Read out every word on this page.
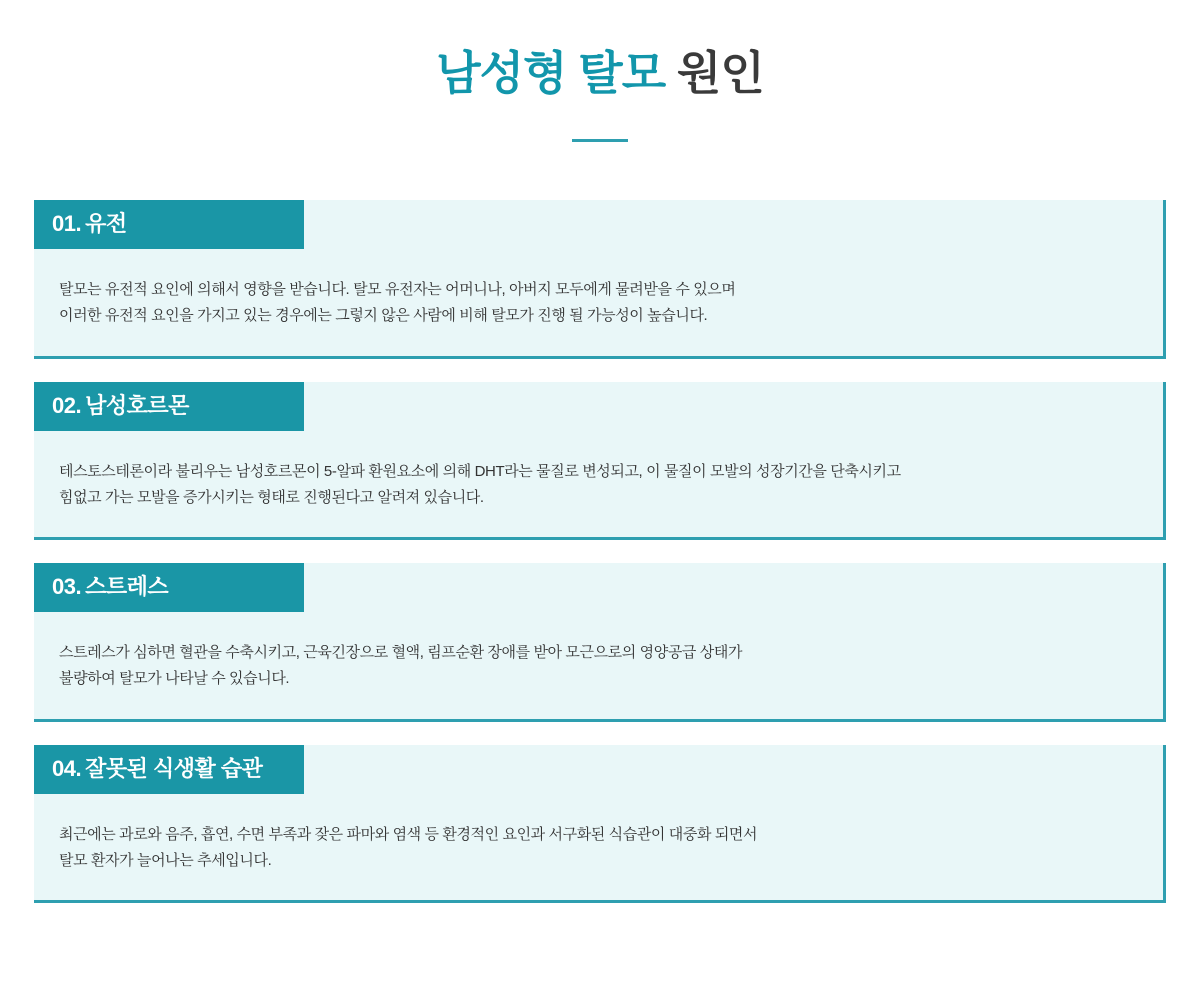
남성형 탈모 원인
01. 유전

탈모는 유전적 요인에 의해서 영향을 받습니다. 탈모 유전자는 어머니나, 아버지 모두에게 물려받을 수 있으며

이러한 유전적 요인을 가지고 있는 경우에는 그렇지 않은 사람에 비해 탈모가 진행 될 가능성이 높습니다.

02. 남성호르몬

테스토스테론이라 불리우는 남성호르몬이 5-알파 환원요소에 의해 DHT라는 물질로 변성되고, 이 물질이 모발의 성장기간을 단축시키고

힘없고 가는 모발을 증가시키는 형태로 진행된다고 알려져 있습니다.

03. 스트레스

스트레스가 심하면 혈관을 수축시키고, 근육긴장으로 혈액, 림프순환 장애를 받아 모근으로의 영양공급 상태가

불량하여 탈모가 나타날 수 있습니다.

04. 잘못된 식생활 습관

최근에는 과로와 음주, 흡연, 수면 부족과 잦은 파마와 염색 등 환경적인 요인과 서구화된 식습관이 대중화 되면서

탈모 환자가 늘어나는 추세입니다.
